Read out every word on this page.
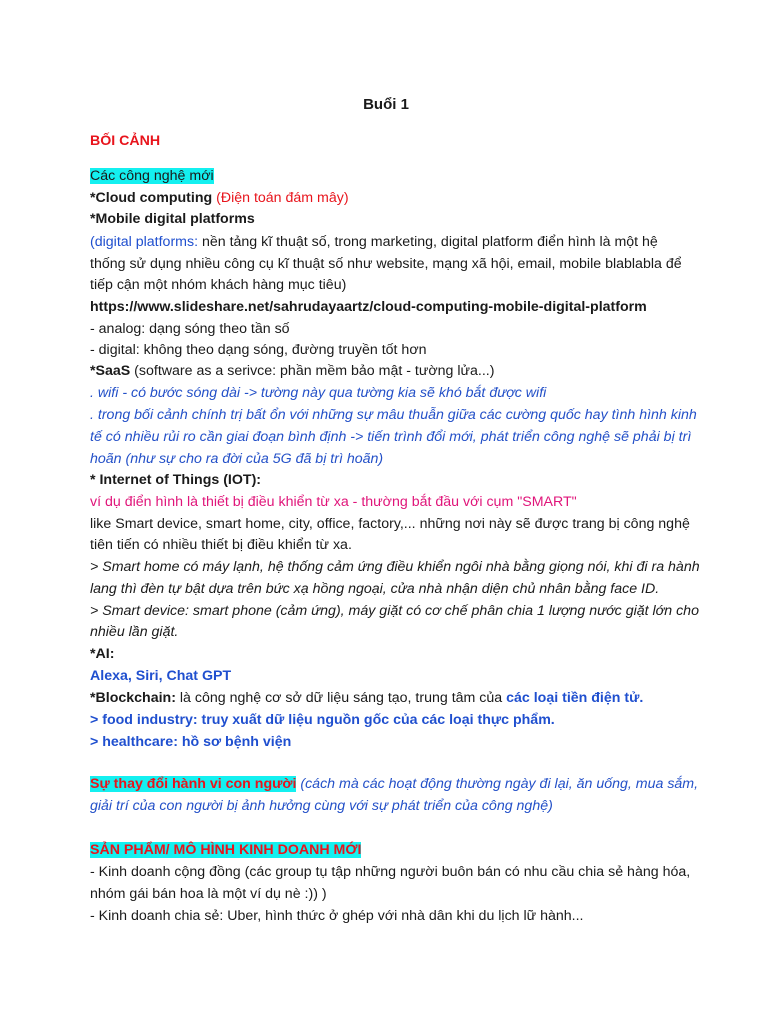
Buổi 1
BỐI CẢNH
Các công nghệ mới
*Cloud computing (Điện toán đám mây)
*Mobile digital platforms
(digital platforms: nền tảng kĩ thuật số, trong marketing, digital platform điển hình là một hệ
thống sử dụng nhiều công cụ kĩ thuật số như website, mạng xã hội, email, mobile blablabla để
tiếp cận một nhóm khách hàng mục tiêu)
https://www.slideshare.net/sahrudayaartz/cloud-computing-mobile-digital-platform
- analog: dạng sóng theo tần số
- digital: không theo dạng sóng, đường truyền tốt hơn
*SaaS (software as a serivce: phần mềm bảo mật - tường lửa...)
. wifi - có bước sóng dài -> tường này qua tường kia sẽ khó bắt được wifi
. trong bối cảnh chính trị bất ổn với những sự mâu thuẫn giữa các cường quốc hay tình hình kinh
tế có nhiều rủi ro cần giai đoạn bình định -> tiến trình đổi mới, phát triển công nghệ sẽ phải bị trì
hoãn (như sự cho ra đời của 5G đã bị trì hoãn)
* Internet of Things (IOT):
ví dụ điển hình là thiết bị điều khiển từ xa - thường bắt đầu với cụm "SMART"
like Smart device, smart home, city, office, factory,... những nơi này sẽ được trang bị công nghệ
tiên tiến có nhiều thiết bị điều khiển từ xa.
> Smart home có máy lạnh, hệ thống cảm ứng điều khiển ngôi nhà bằng giọng nói, khi đi ra hành
lang thì đèn tự bật dựa trên bức xạ hồng ngoại, cửa nhà nhận diện chủ nhân bằng face ID.
> Smart device: smart phone (cảm ứng), máy giặt có cơ chế phân chia 1 lượng nước giặt lớn cho
nhiều lần giặt.
*AI:
Alexa, Siri, Chat GPT
*Blockchain: là công nghệ cơ sở dữ liệu sáng tạo, trung tâm của các loại tiền điện tử.
> food industry: truy xuất dữ liệu nguồn gốc của các loại thực phẩm.
> healthcare: hồ sơ bệnh viện
Sự thay đổi hành vi con người (cách mà các hoạt động thường ngày đi lại, ăn uống, mua sắm,
giải trí của con người bị ảnh hưởng cùng với sự phát triển của công nghệ)
SẢN PHẨM/ MÔ HÌNH KINH DOANH MỚI
- Kinh doanh cộng đồng (các group tụ tập những người buôn bán có nhu cầu chia sẻ hàng hóa,
nhóm gái bán hoa là một ví dụ nè :)) )
- Kinh doanh chia sẻ: Uber, hình thức ở ghép với nhà dân khi du lịch lữ hành...
